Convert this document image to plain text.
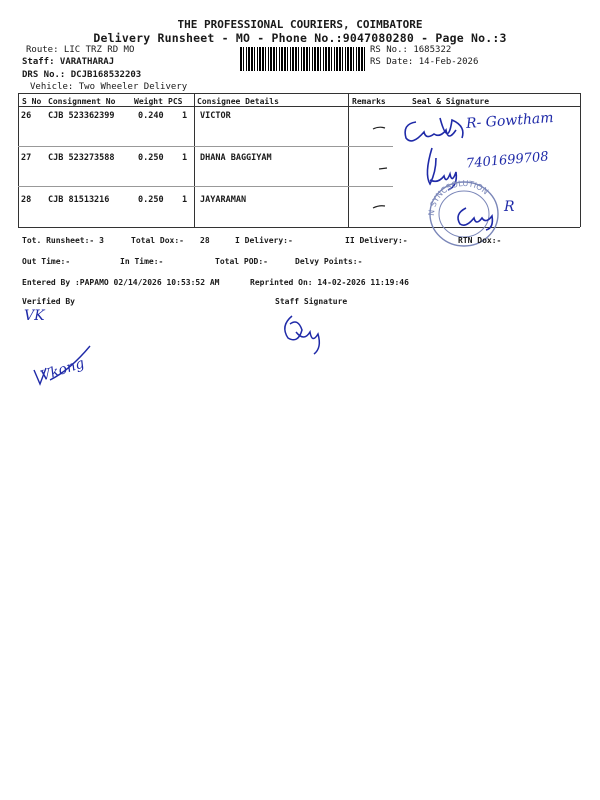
THE PROFESSIONAL COURIERS, COIMBATORE
Delivery Runsheet - MO - Phone No.:9047080280 - Page No.:3
Route: LIC TRZ RD MO
Staff: VARATHARAJ
DRS No.: DCJB168532203
Vehicle: Two Wheeler Delivery
RS No.: 1685322
RS Date: 14-Feb-2026
S No Consignment No Weight PCS Consignee Details	Remarks	Seal & Signature
26 CJB 523362399	0.240 1 VICTOR
27 CJB 523273588	0.250 1 DHANA BAGGIYAM
28 CJB 81513216	0.250 1 JAYARAMAN
R- Gowtham
7401699708
N SYNCSOLUTION
R
Tot. Runsheet:- 3	Total Dox:- 28	I Delivery:-	II Delivery:-	RTN Dox:-
Out Time:-	In Time:-	Total POD:-	Delvy Points:-
Entered By :PAPAMO 02/14/2026 10:53:52 AM	Reprinted On: 14-02-2026 11:19:46
Verified By	Staff Signature
VK
Vkong
